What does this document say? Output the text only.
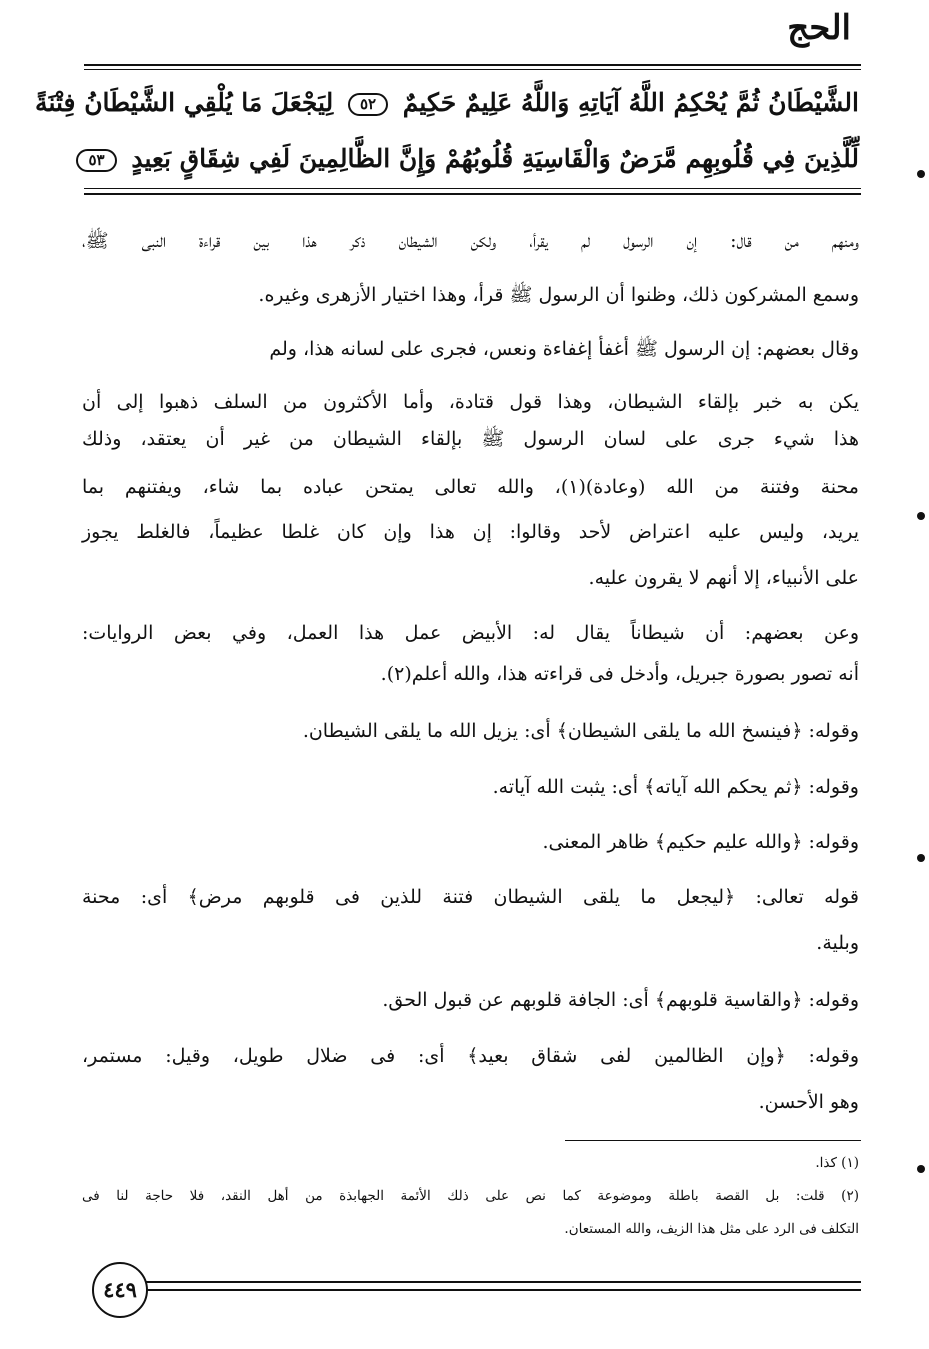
الحج
الشَّيْطَانُ ثُمَّ يُحْكِمُ اللَّهُ آيَاتِهِ وَاللَّهُ عَلِيمٌ حَكِيمٌ ٥٢ لِيَجْعَلَ مَا يُلْقِي الشَّيْطَانُ فِتْنَةً
لِّلَّذِينَ فِي قُلُوبِهِم مَّرَضٌ وَالْقَاسِيَةِ قُلُوبُهُمْ وَإِنَّ الظَّالِمِينَ لَفِي شِقَاقٍ بَعِيدٍ ٥٣
ومنهم من قال: إن الرسول لم يقرأ، ولكن الشيطان ذكر هذا بين قراءة النبى ﷺ،
وسمع المشركون ذلك، وظنوا أن الرسول ﷺ قرأ، وهذا اختيار الأزهرى وغيره.
وقال بعضهم: إن الرسول ﷺ أغفأ إغفاءة ونعس، فجرى على لسانه هذا، ولم
يكن به خبر بإلقاء الشيطان، وهذا قول قتادة، وأما الأكثرون من السلف ذهبوا إلى أن
هذا شيء جرى على لسان الرسول ﷺ بإلقاء الشيطان من غير أن يعتقد، وذلك
محنة وفتنة من الله (وعادة)(١)، والله تعالى يمتحن عباده بما شاء، ويفتنهم بما
يريد، وليس عليه اعتراض لأحد وقالوا: إن هذا وإن كان غلطا عظيماً، فالغلط يجوز
على الأنبياء، إلا أنهم لا يقرون عليه.
وعن بعضهم: أن شيطاناً يقال له: الأبيض عمل هذا العمل، وفي بعض الروايات:
أنه تصور بصورة جبريل، وأدخل فى قراءته هذا، والله أعلم(٢).
وقوله: ﴿فينسخ الله ما يلقى الشيطان﴾ أى: يزيل الله ما يلقى الشيطان.
وقوله: ﴿ثم يحكم الله آياته﴾ أى: يثبت الله آياته.
وقوله: ﴿والله عليم حكيم﴾ ظاهر المعنى.
قوله تعالى: ﴿ليجعل ما يلقى الشيطان فتنة للذين فى قلوبهم مرض﴾ أى: محنة
وبلية.
وقوله: ﴿والقاسية قلوبهم﴾ أى: الجافة قلوبهم عن قبول الحق.
وقوله: ﴿وإن الظالمين لفى شقاق بعيد﴾ أى: فى ضلال طويل، وقيل: مستمر،
وهو الأحسن.
(١) كذا.
(٢) قلت: بل القصة باطلة وموضوعة كما نص على ذلك الأئمة الجهابذة من أهل النقد، فلا حاجة لنا فى
التكلف فى الرد على مثل هذا الزيف، والله المستعان.
٤٤٩
